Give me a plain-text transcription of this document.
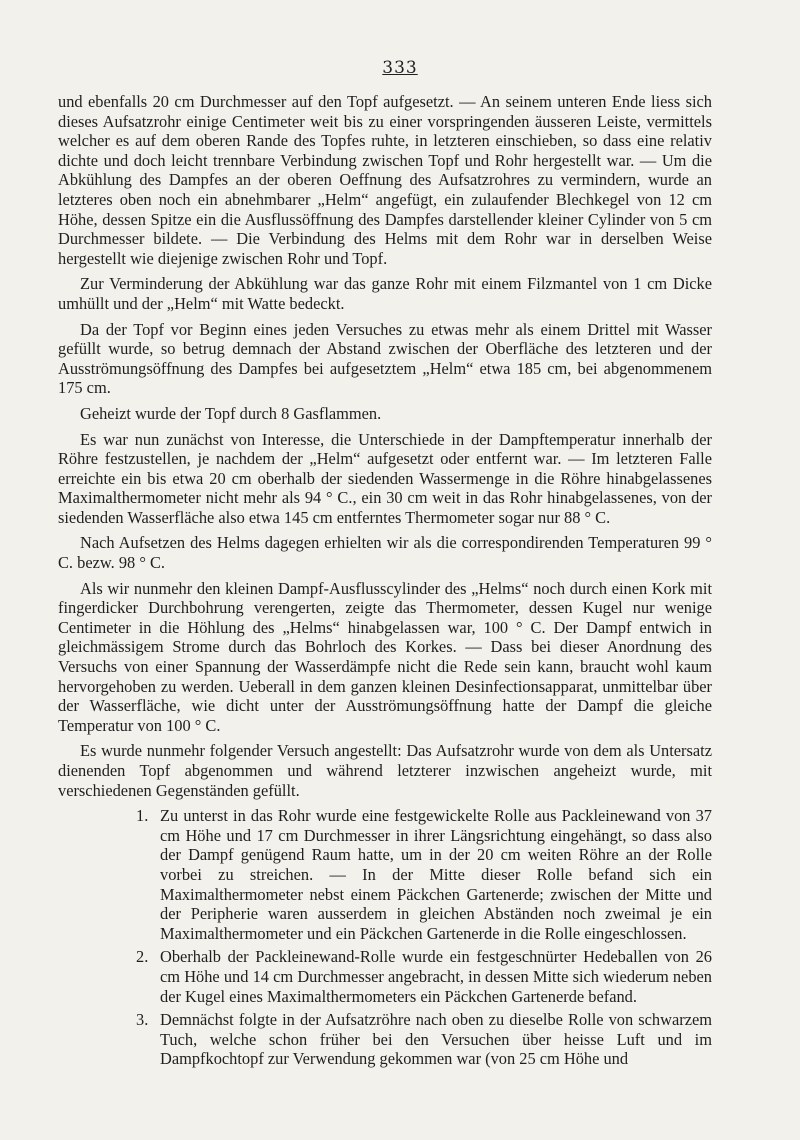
333

und ebenfalls 20 cm Durchmesser auf den Topf aufgesetzt. — An seinem unteren Ende liess sich dieses Aufsatzrohr einige Centimeter weit bis zu einer vorspringenden äusseren Leiste, vermittels welcher es auf dem oberen Rande des Topfes ruhte, in letzteren einschieben, so dass eine relativ dichte und doch leicht trennbare Verbindung zwischen Topf und Rohr hergestellt war. — Um die Abkühlung des Dampfes an der oberen Oeffnung des Aufsatzrohres zu vermindern, wurde an letzteres oben noch ein abnehmbarer „Helm“ angefügt, ein zulaufender Blechkegel von 12 cm Höhe, dessen Spitze ein die Ausflussöffnung des Dampfes darstellender kleiner Cylinder von 5 cm Durchmesser bildete. — Die Verbindung des Helms mit dem Rohr war in derselben Weise hergestellt wie diejenige zwischen Rohr und Topf.

Zur Verminderung der Abkühlung war das ganze Rohr mit einem Filzmantel von 1 cm Dicke umhüllt und der „Helm“ mit Watte bedeckt.

Da der Topf vor Beginn eines jeden Versuches zu etwas mehr als einem Drittel mit Wasser gefüllt wurde, so betrug demnach der Abstand zwischen der Oberfläche des letzteren und der Ausströmungsöffnung des Dampfes bei aufgesetztem „Helm“ etwa 185 cm, bei abgenommenem 175 cm.

Geheizt wurde der Topf durch 8 Gasflammen.

Es war nun zunächst von Interesse, die Unterschiede in der Dampftemperatur innerhalb der Röhre festzustellen, je nachdem der „Helm“ aufgesetzt oder entfernt war. — Im letzteren Falle erreichte ein bis etwa 20 cm oberhalb der siedenden Wassermenge in die Röhre hinabgelassenes Maximalthermometer nicht mehr als 94 ° C., ein 30 cm weit in das Rohr hinabgelassenes, von der siedenden Wasserfläche also etwa 145 cm entferntes Thermometer sogar nur 88 ° C.

Nach Aufsetzen des Helms dagegen erhielten wir als die correspondirenden Temperaturen 99 ° C. bezw. 98 ° C.

Als wir nunmehr den kleinen Dampf-Ausflusscylinder des „Helms“ noch durch einen Kork mit fingerdicker Durchbohrung verengerten, zeigte das Thermometer, dessen Kugel nur wenige Centimeter in die Höhlung des „Helms“ hinabgelassen war, 100 ° C. Der Dampf entwich in gleichmässigem Strome durch das Bohrloch des Korkes. — Dass bei dieser Anordnung des Versuchs von einer Spannung der Wasserdämpfe nicht die Rede sein kann, braucht wohl kaum hervorgehoben zu werden. Ueberall in dem ganzen kleinen Desinfectionsapparat, unmittelbar über der Wasserfläche, wie dicht unter der Ausströmungsöffnung hatte der Dampf die gleiche Temperatur von 100 ° C.

Es wurde nunmehr folgender Versuch angestellt: Das Aufsatzrohr wurde von dem als Untersatz dienenden Topf abgenommen und während letzterer inzwischen angeheizt wurde, mit verschiedenen Gegenständen gefüllt.

1. Zu unterst in das Rohr wurde eine festgewickelte Rolle aus Packleinewand von 37 cm Höhe und 17 cm Durchmesser in ihrer Längsrichtung eingehängt, so dass also der Dampf genügend Raum hatte, um in der 20 cm weiten Röhre an der Rolle vorbei zu streichen. — In der Mitte dieser Rolle befand sich ein Maximalthermometer nebst einem Päckchen Gartenerde; zwischen der Mitte und der Peripherie waren ausserdem in gleichen Abständen noch zweimal je ein Maximalthermometer und ein Päckchen Gartenerde in die Rolle eingeschlossen.
2. Oberhalb der Packleinewand-Rolle wurde ein festgeschnürter Hedeballen von 26 cm Höhe und 14 cm Durchmesser angebracht, in dessen Mitte sich wiederum neben der Kugel eines Maximalthermometers ein Päckchen Gartenerde befand.
3. Demnächst folgte in der Aufsatzröhre nach oben zu dieselbe Rolle von schwarzem Tuch, welche schon früher bei den Versuchen über heisse Luft und im Dampfkochtopf zur Verwendung gekommen war (von 25 cm Höhe und
